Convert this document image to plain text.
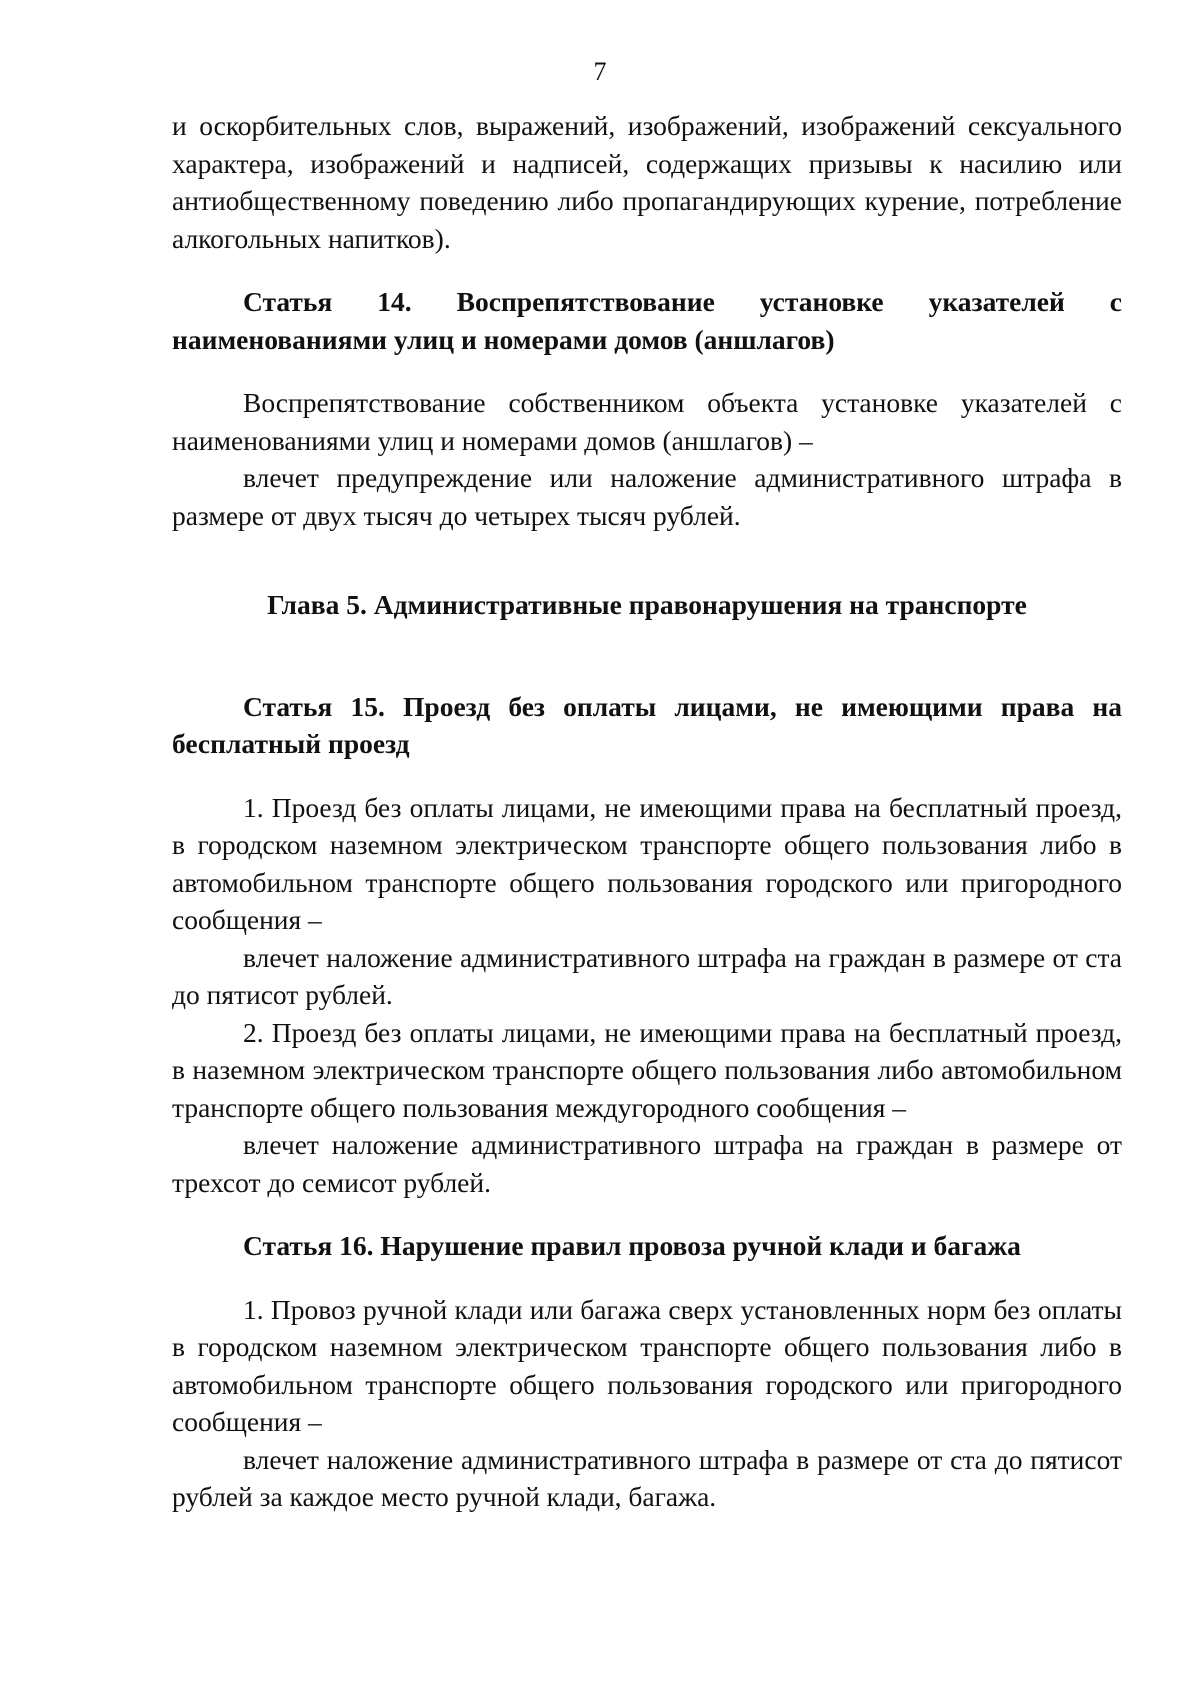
7

и оскорбительных слов, выражений, изображений, изображений сексуального характера, изображений и надписей, содержащих призывы к насилию или антиобщественному поведению либо пропагандирующих курение, потребление алкогольных напитков).

Статья 14. Воспрепятствование установке указателей с наименованиями улиц и номерами домов (аншлагов)

Воспрепятствование собственником объекта установке указателей с наименованиями улиц и номерами домов (аншлагов) –

влечет предупреждение или наложение административного штрафа в размере от двух тысяч до четырех тысяч рублей.

Глава 5. Административные правонарушения на транспорте

Статья 15. Проезд без оплаты лицами, не имеющими права на бесплатный проезд

1. Проезд без оплаты лицами, не имеющими права на бесплатный проезд, в городском наземном электрическом транспорте общего пользования либо в автомобильном транспорте общего пользования городского или пригородного сообщения –

влечет наложение административного штрафа на граждан в размере от ста до пятисот рублей.

2. Проезд без оплаты лицами, не имеющими права на бесплатный проезд, в наземном электрическом транспорте общего пользования либо автомобильном транспорте общего пользования междугородного сообщения –

влечет наложение административного штрафа на граждан в размере от трехсот до семисот рублей.

Статья 16. Нарушение правил провоза ручной клади и багажа

1. Провоз ручной клади или багажа сверх установленных норм без оплаты в городском наземном электрическом транспорте общего пользования либо в автомобильном транспорте общего пользования городского или пригородного сообщения –

влечет наложение административного штрафа в размере от ста до пятисот рублей за каждое место ручной клади, багажа.
